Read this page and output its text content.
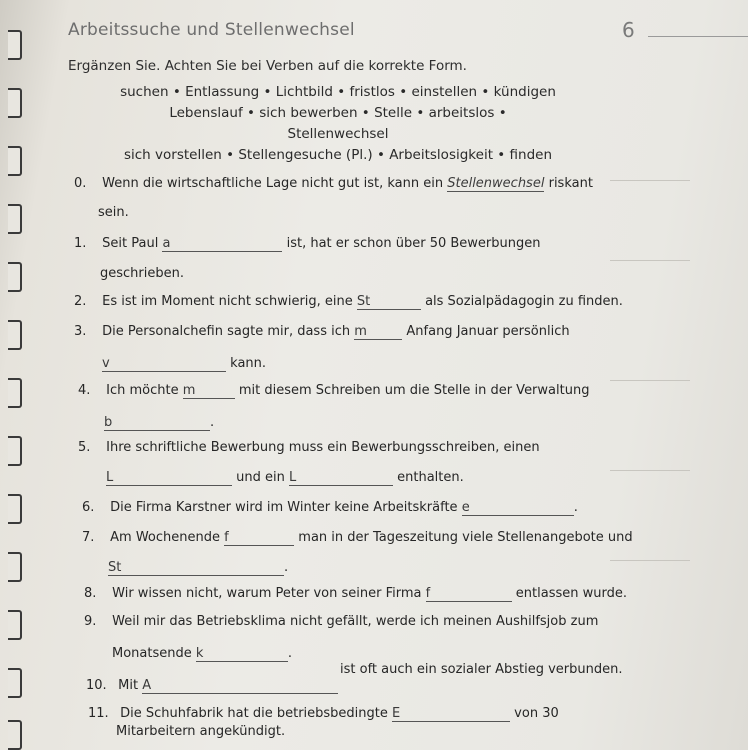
Arbeitssuche und Stellenwechsel	6
Ergänzen Sie. Achten Sie bei Verben auf die korrekte Form.
suchen • Entlassung • Lichtbild • fristlos • einstellen • kündigen
Lebenslauf • sich bewerben • Stelle • arbeitslos • Stellenwechsel
sich vorstellen • Stellengesuche (Pl.) • Arbeitslosigkeit • finden
0. Wenn die wirtschaftliche Lage nicht gut ist, kann ein Stellenwechsel riskant
sein.
1. Seit Paul a	ist, hat er schon über 50 Bewerbungen
geschrieben.
2. Es ist im Moment nicht schwierig, eine St	als Sozialpädagogin zu finden.
3. Die Personalchefin sagte mir, dass ich m	Anfang Januar persönlich
v	kann.
4. Ich möchte m	mit diesem Schreiben um die Stelle in der Verwaltung
b	.
5. Ihre schriftliche Bewerbung muss ein Bewerbungsschreiben, einen
L	und ein L	enthalten.
6. Die Firma Karstner wird im Winter keine Arbeitskräfte e	.
7. Am Wochenende f	man in der Tageszeitung viele Stellenangebote und
St	.
8. Wir wissen nicht, warum Peter von seiner Firma f	entlassen wurde.
9. Weil mir das Betriebsklima nicht gefällt, werde ich meinen Aushilfsjob zum
Monatsende k	.
10. Mit A
ist oft auch ein sozialer Abstieg verbunden.
11. Die Schuhfabrik hat die betriebsbedingte E	von 30
Mitarbeitern angekündigt.
